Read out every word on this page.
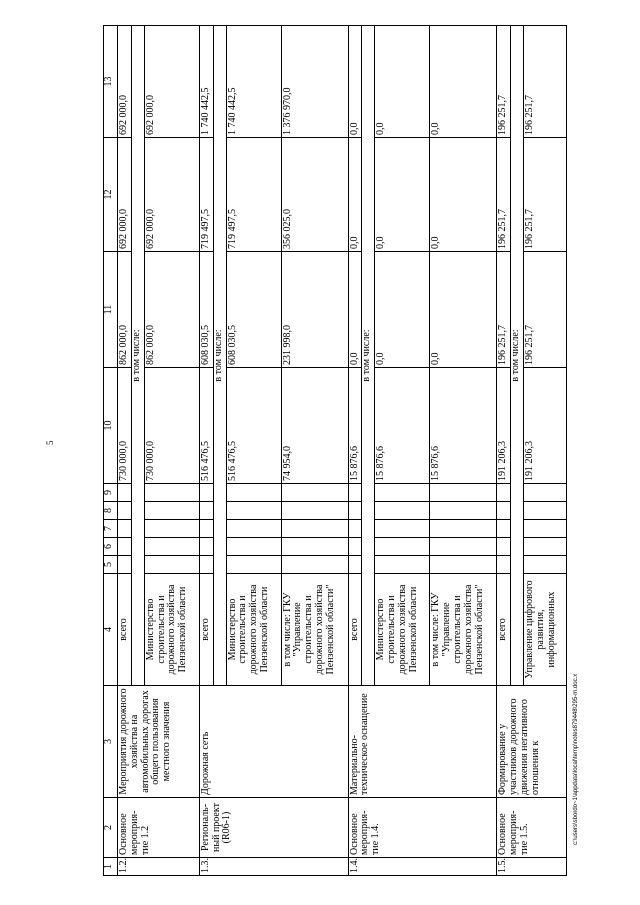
5
1	2	3	4	5	6	7	8	9	10	11	12	13
1.2.	Основное мероприя-тие 1.2	Мероприятия дорожного хозяйства на автомобильных дорогах общего пользования местного значения	всего						730 000,0	862 000,0	692 000,0	692 000,0
			в том числе:									
			Министерство строительства и дорожного хозяйства Пензенской области						730 000,0	862 000,0	692 000,0	692 000,0
1.3.	Региональ-ный проект (R06-1)	Дорожная сеть	всего						516 476,5	608 030,5	719 497,5	1 740 442,5
			в том числе:									
			Министерство строительства и дорожного хозяйства Пензенской области						516 476,5	608 030,5	719 497,5	1 740 442,5
			в том числе: ГКУ "Управление строительства и дорожного хозяйства Пензенской области"						74 954,0	231 998,0	356 025,0	1 376 970,0
1.4.	Основное мероприя-тие 1.4.	Материально-техническое оснащение	всего						15 876,6	0,0	0,0	0,0
			в том числе:									
			Министерство строительства и дорожного хозяйства Пензенской области						15 876,6	0,0	0,0	0,0
			в том числе: ГКУ "Управление строительства и дорожного хозяйства Пензенской области"						15 876,6	0,0	0,0	0,0
1.5.	Основное мероприя-тие 1.5.	Формирование у участников дорожного движения негативного отношения к	всего						191 206,3	196 251,7	196 251,7	196 251,7
			в том числе:									
			Управление цифрового развития, информационных						191 206,3	196 251,7	196 251,7	196 251,7
c:\users\sbordo~1\appdata\local\temp\notes879448\295-m.doc.x
